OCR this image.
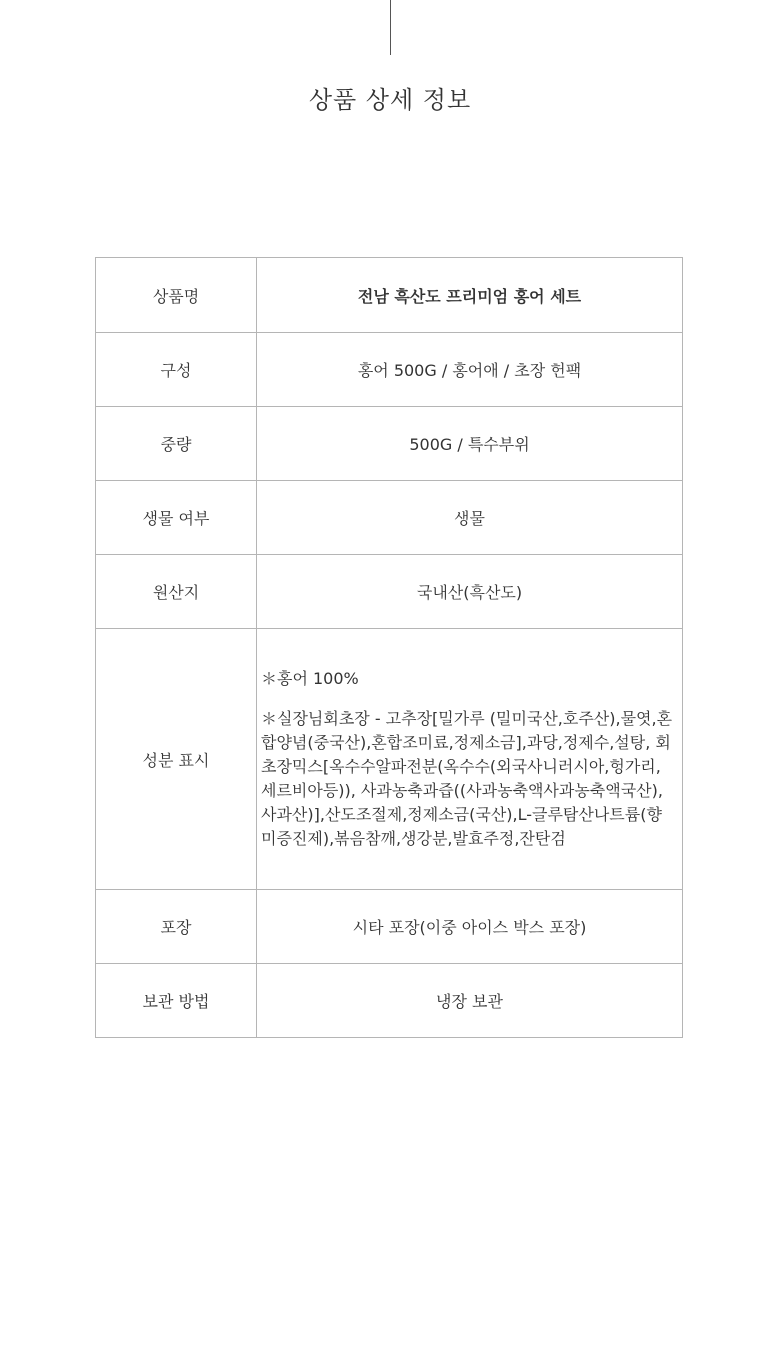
상품 상세 정보
상품명	전남 흑산도 프리미엄 홍어 세트
구성	홍어 500G / 홍어애 / 초장 헌팩
중량	500G / 특수부위
생물 여부	생물
원산지	국내산(흑산도)
성분 표시	＊홍어 100%
＊실장님회초장 - 고추장[밀가루 (밀미국산,호주산),물엿,혼합양념(중국산),혼합조미료,정제소금],과당,정제수,설탕, 회초장믹스[옥수수알파전분(옥수수(외국사니러시아,헝가리,세르비아등)), 사과농축과즙((사과농축액사과농축액국산),사과산)],산도조절제,정제소금(국산),L-글루탐산나트륨(향미증진제),볶음참깨,생강분,발효주정,잔탄검

포장	시타 포장(이중 아이스 박스 포장)
보관 방법	냉장 보관
